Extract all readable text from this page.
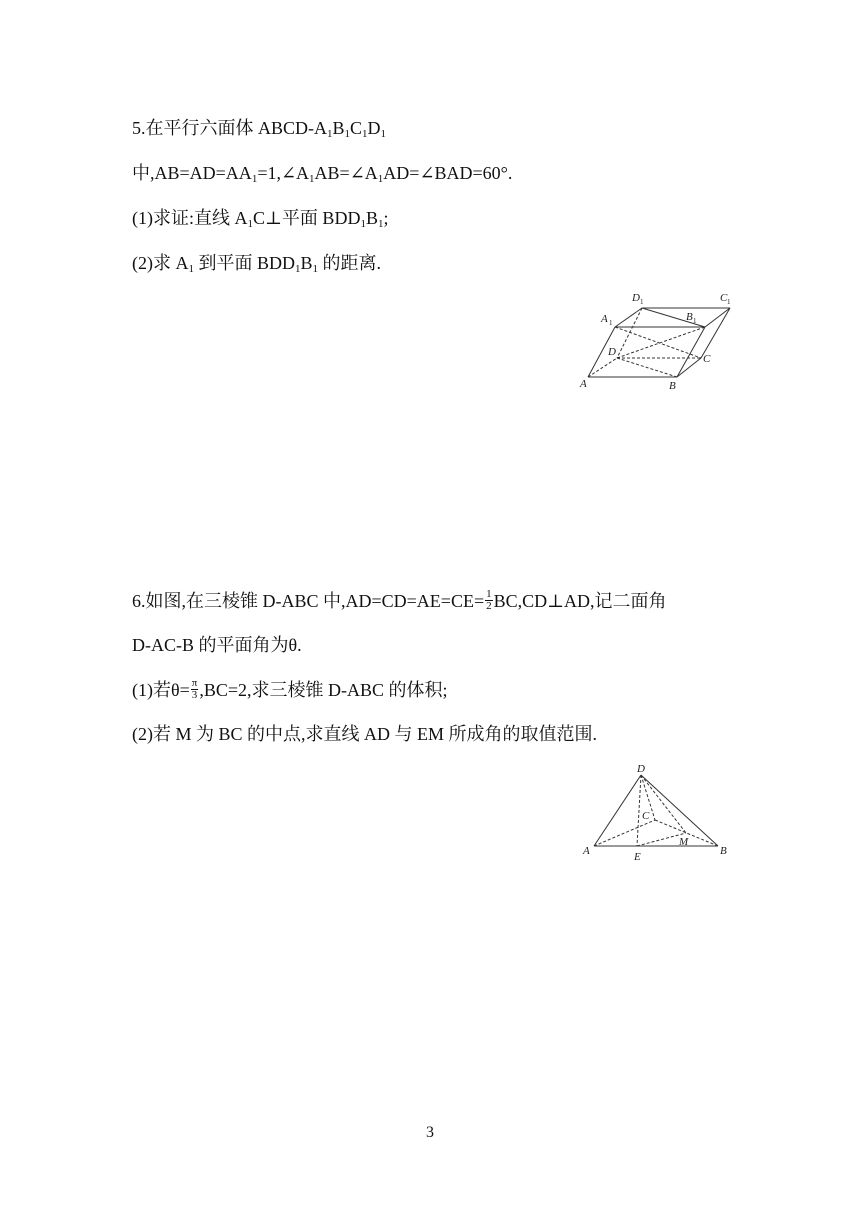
5.在平行六面体 ABCD-$A_1B_1C_1D_1$
中$,AB=AD=AA_1=1,\angle A_1AB=\angle A_1AD=\angle BAD=60^\circ$.
(1)求证:直线 $A_1C\perp$平面 $BDD_1B_1$;
(2)求 $A_1$ 到平面 $BDD_1B_1$ 的距离.
A	B
C
D
A 1
D 1	C 1
B 1
6.如图,在三棱锥 D-ABC 中$,AD=CD=AE=CE= \frac{1}{2}$ BC,CD⊥AD,记二面角
D-AC-B 的平面角为θ.
(1)若$\theta= \frac{\pi}{3} ,BC=2$,求三棱锥 D-ABC 的体积;
(2)若 M 为 BC 的中点,求直线 AD 与 EM 所成角的取值范围.
D
A	B
C
E
M
3
